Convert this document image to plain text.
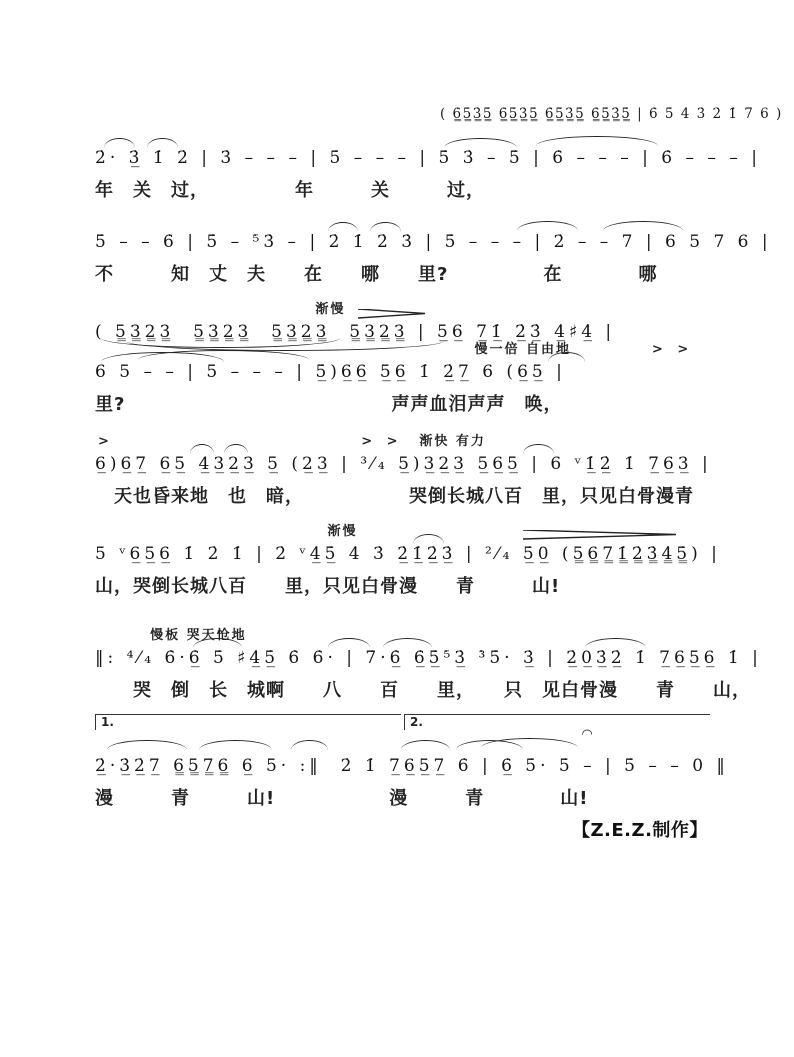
( 6̳̇5̳̇3̳̇5̳̇ 6̳̇5̳̇3̳̇5̳̇ 6̳̇5̳̇3̳̇5̳̇ 6̳̇5̳̇3̳̇5̳̇ | 6̇ 5̇ 4̇ 3̇ 2̇ 1̇ 7 6 )
2̇· 3̲̇ 1̇ 2̇ | 3̇ – – – | 5̇ – – – | 5̇ 3̇ – 5̇ | 6̇ – – – | 6̇ – – – |
年　关　过，　　　　　年　　　关　　　过，
5̇ – – 6̇ | 5̇ – ⁵̇3̇ – | 2̇ 1̇ 2̇ 3̇ | 5̇ – – – | 2̇ – – 7 | 6 5 7 6 |
不　　　知　丈　夫　　在　　哪　　里?　　　　　在　　　　哪
渐慢
( 5̳3̳2̳3̳  5̳3̳2̳3̳  5̳3̳2̳3̳  5̳3̳2̳3̳ | 5̲6̲ 7̲1̲̇ 2̲̇3̲̇ 4̲̇♯4̲̇ |
慢一倍 自由地	> >
6 5 – – | 5 – – – | 5̲̇)6̲6̲ 5̲6̲ 1̇ 2̲̇7̲ 6 (6̲5̲ |
里?　　　　　　　　　　　　　　声声血泪声声　唤，
>	> > 渐快 有力
6̲)6̲7̲ 6̲5̲ 4̲3̲2̲3̲ 5̲ (2̲3̲ | ³⁄₄ 5̲)3̲2̲3̲ 5̲6̲5̲ | 6 ᵛ1̲̇2̲̇ 1̇ 7̲6̲3̲ |
　天也昏来地　也　暗，　　　　　　哭倒长城八百　里，只见白骨漫青
渐慢
5 ᵛ6̲5̲6̲ 1̇ 2̇ 1̇ | 2̇ ᵛ4̲̇5̲̇ 4̇ 3̇ 2̲̇1̲̇2̲̇3̲̇ | ²⁄₄ 5̲̇0̲ (5̳6̳7̳1̳̇2̳̇3̳̇4̳̇5̳̇) |
山，哭倒长城八百　　里，只见白骨漫　　青　　　山!
慢板 哭天怆地
‖: ⁴⁄₄ 6̇·6̲̇ 5̇ ♯4̲̇5̲̇ 6̇ 6̇· | 7̇·6̲̇ 6̲̇5̲̇⁵̇3̲̇ ³̇5̇· 3̲̇ | 2̲̇0̲3̲̇2̲̇ 1̇ 7̲6̲5̲6̲ 1̇ |
　　哭　倒　长　城啊　　八　　百　　里，　　只　见白骨漫　　青　　山，
1.	2.
◠
2̲̇·3̲̇2̲̇7̲ 6̳5̳7̳6̳ 6̲ 5· :‖  2̇ 1̇ 7̲6̲5̲7̲ 6̇ | 6̲̇ 5̇· 5̇ – | 5̇ – – 0 ‖
漫　　　青　　　山!　　　　　　漫　　　青　　　　山!
【Z.E.Z.制作】
